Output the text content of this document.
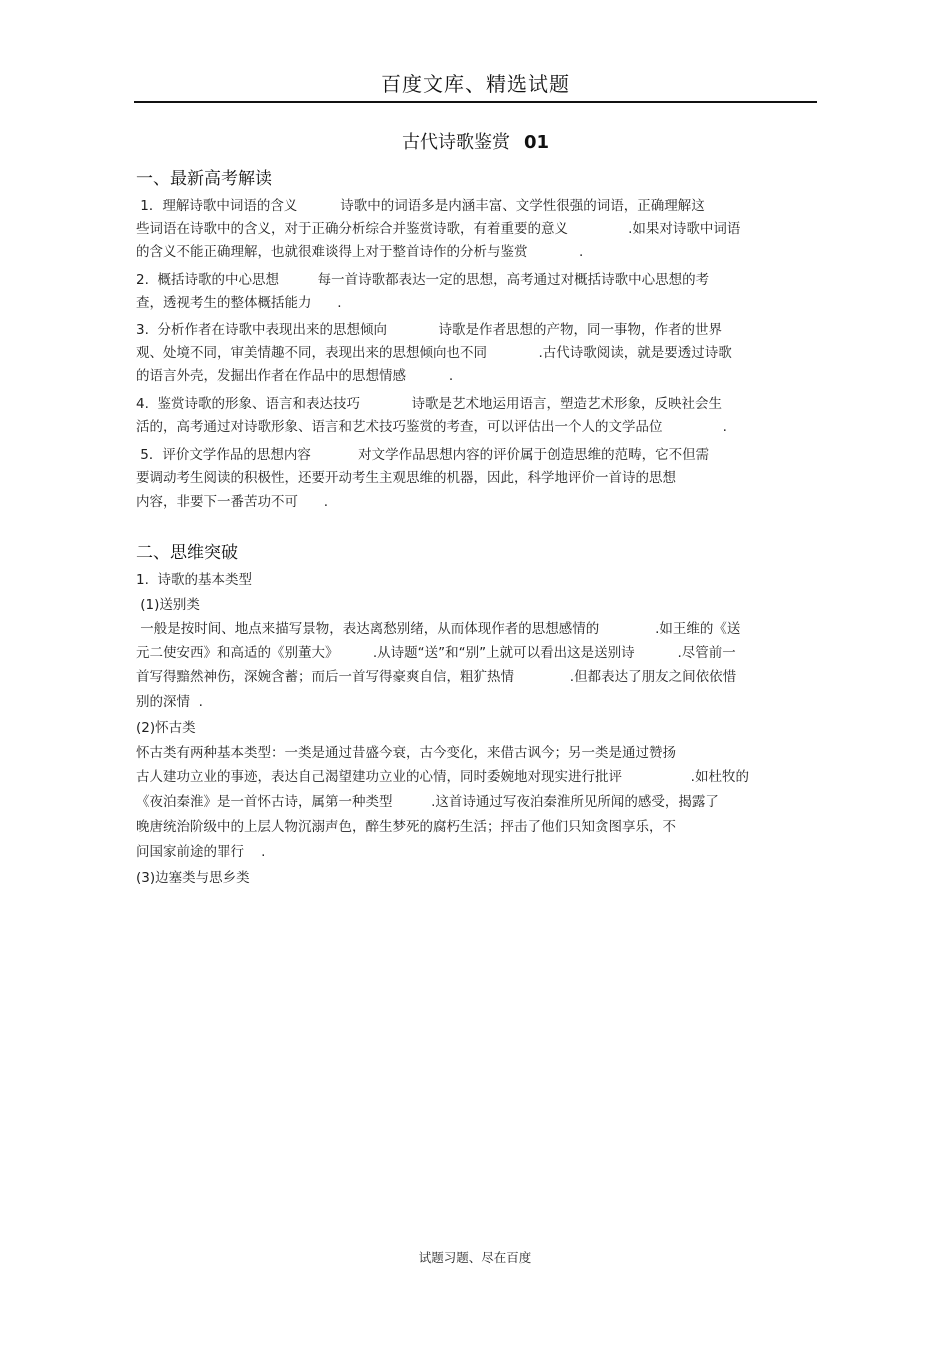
百度文库、精选试题
古代诗歌鉴赏 01
一、最新高考解读
1．理解诗歌中词语的含义          诗歌中的词语多是内涵丰富、文学性很强的词语，正确理解这
些词语在诗歌中的含义，对于正确分析综合并鉴赏诗歌，有着重要的意义              .如果对诗歌中词语
的含义不能正确理解，也就很难谈得上对于整首诗作的分析与鉴赏            .
2.  概括诗歌的中心思想         每一首诗歌都表达一定的思想，高考通过对概括诗歌中心思想的考
查，透视考生的整体概括能力      .
3.  分析作者在诗歌中表现出来的思想倾向            诗歌是作者思想的产物，同一事物，作者的世界
观、处境不同，审美情趣不同，表现出来的思想倾向也不同            .古代诗歌阅读，就是要透过诗歌
的语言外壳，发掘出作者在作品中的思想情感          .
4.  鉴赏诗歌的形象、语言和表达技巧            诗歌是艺术地运用语言，塑造艺术形象，反映社会生
活的，高考通过对诗歌形象、语言和艺术技巧鉴赏的考查，可以评估出一个人的文学品位              .
5．评价文学作品的思想内容           对文学作品思想内容的评价属于创造思维的范畴，它不但需
要调动考生阅读的积极性，还要开动考生主观思维的机器，因此，科学地评价一首诗的思想
内容，非要下一番苦功不可      .
二、思维突破
1.  诗歌的基本类型
(1)送别类
一般是按时间、地点来描写景物，表达离愁别绪，从而体现作者的思想感情的             .如王维的《送
元二使安西》和高适的《别董大》        .从诗题“送”和“别”上就可以看出这是送别诗          .尽管前一
首写得黯然神伤，深婉含蓄；而后一首写得豪爽自信，粗犷热情             .但都表达了朋友之间依依惜
别的深情  .
(2)怀古类
怀古类有两种基本类型：一类是通过昔盛今衰，古今变化，来借古讽今；另一类是通过赞扬
古人建功立业的事迹，表达自己渴望建功立业的心情，同时委婉地对现实进行批评                .如杜牧的
《夜泊秦淮》是一首怀古诗，属第一种类型         .这首诗通过写夜泊秦淮所见所闻的感受，揭露了
晚唐统治阶级中的上层人物沉溺声色，醉生梦死的腐朽生活；抨击了他们只知贪图享乐，不
问国家前途的罪行    .
(3)边塞类与思乡类
试题习题、尽在百度
